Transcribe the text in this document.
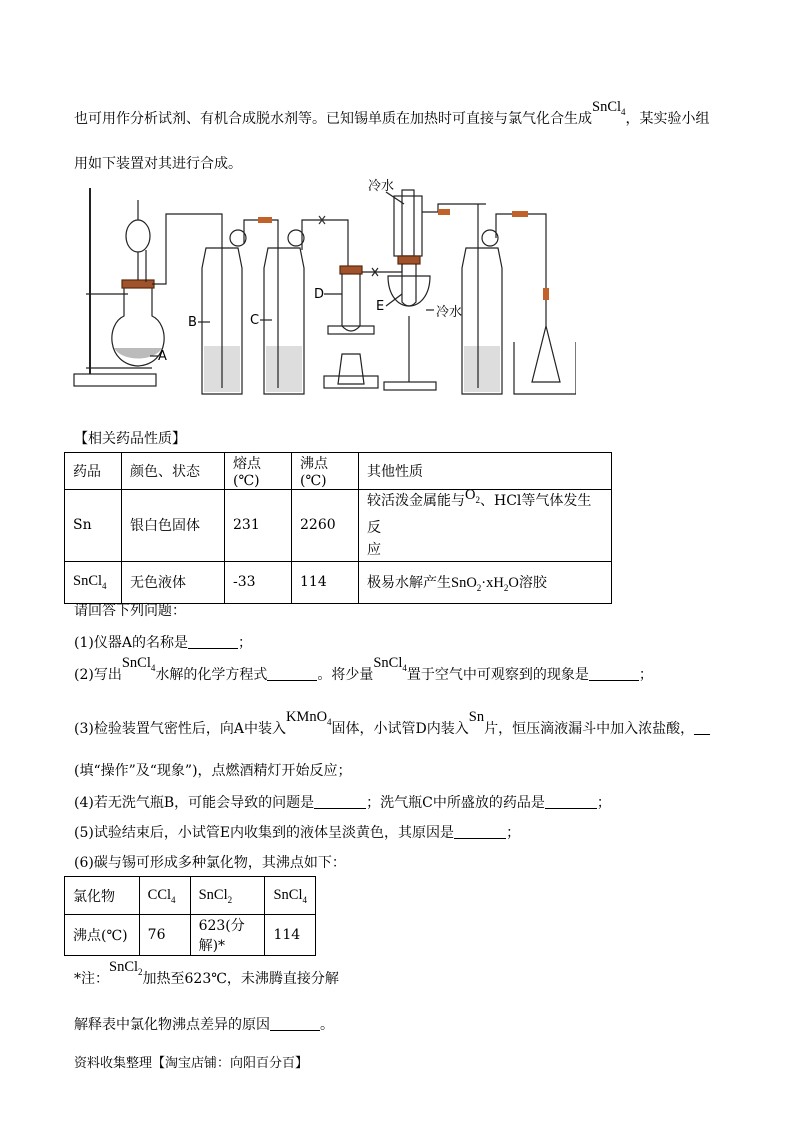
也可用作分析试剂、有机合成脱水剂等。已知锡单质在加热时可直接与氯气化合生成SnCl$_4$，某实验小组
用如下装置对其进行合成。
A
B	C
D
E
冷水
冷水
【相关药品性质】
药品	颜色、状态	熔点(℃)	沸点(℃)	其他性质
Sn	银白色固体	231	2260	较活泼金属能与$O_2$、HCl等气体发生反
应
SnCl$_4$	无色液体	-33	114	极易水解产生$SnO_2\cdot xH_2O$溶胶
请回答下列问题：
(1)仪器A的名称是	；
(2)写出SnCl$_4$水解的化学方程式	。将少量SnCl$_4$置于空气中可观察到的现象是	；
(3)检验装置气密性后，向A中装入KMnO$_4$固体，小试管D内装入Sn片，恒压滴液漏斗中加入浓盐酸，
(填“操作”及“现象”)，点燃酒精灯开始反应；
(4)若无洗气瓶B，可能会导致的问题是	；洗气瓶C中所盛放的药品是	；
(5)试验结束后，小试管E内收集到的液体呈淡黄色，其原因是	；
(6)碳与锡可形成多种氯化物，其沸点如下：
氯化物	CCl$_4$	SnCl$_2$	SnCl$_4$
沸点(℃)	76	623(分解)*	114
*注：SnCl$_2$加热至623℃，未沸腾直接分解
解释表中氯化物沸点差异的原因	。
资料收集整理【淘宝店铺：向阳百分百】
